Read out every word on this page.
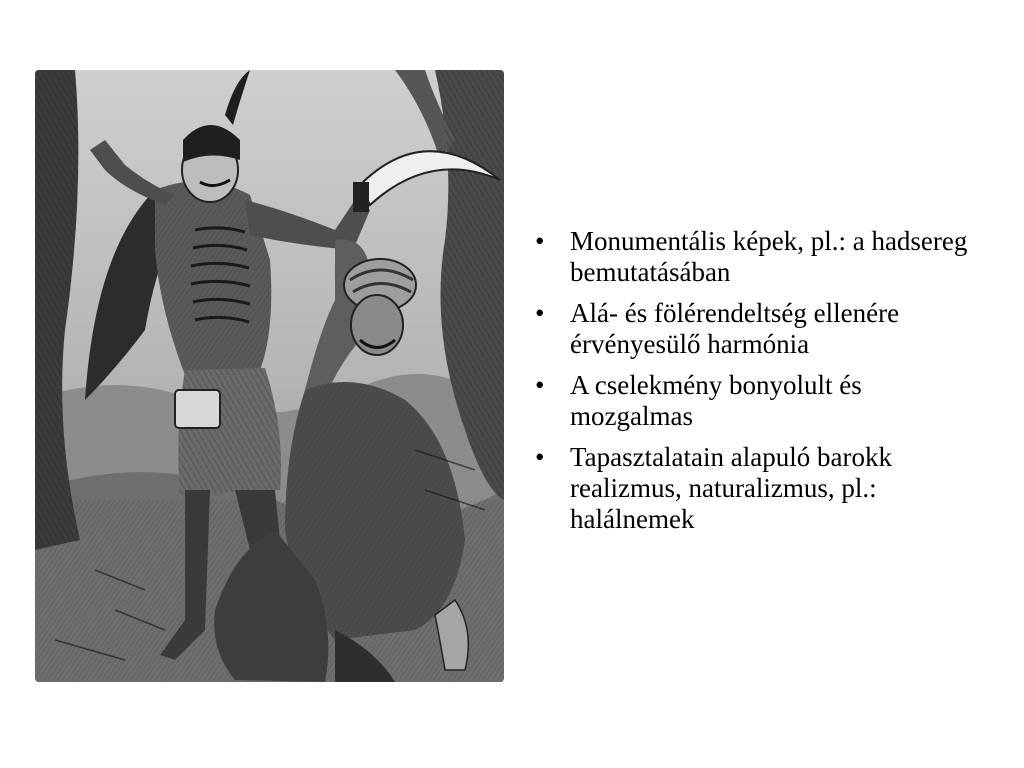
• Monumentális képek, pl.: a hadsereg bemutatásában
• Alá- és fölérendeltség ellenére érvényesülő harmónia
• A cselekmény bonyolult és mozgalmas
• Tapasztalatain alapuló barokk realizmus, naturalizmus, pl.: halálnemek
